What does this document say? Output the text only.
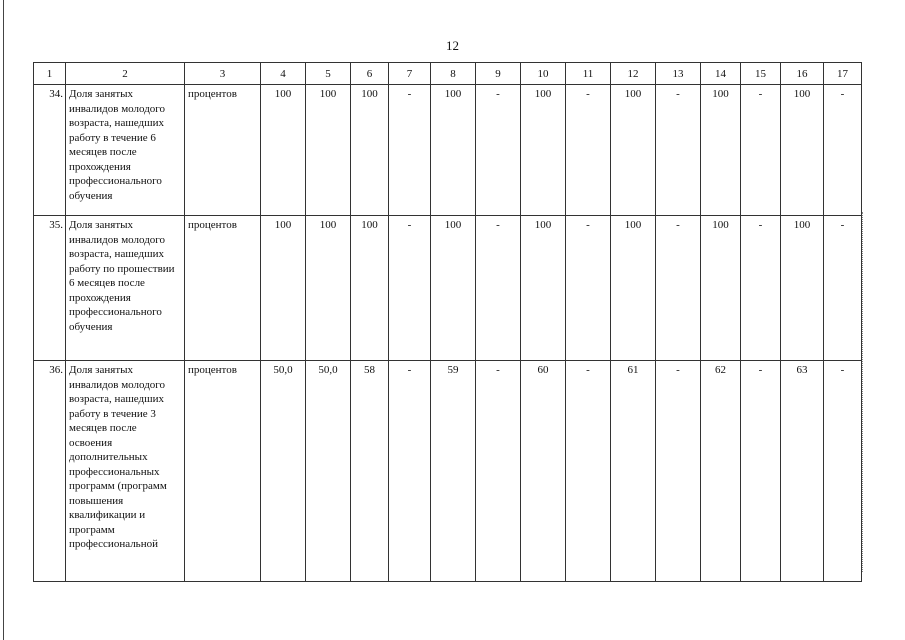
12
1	2	3	4	5	6	7	8	9	10	11	12	13	14	15	16	17
34.	Доля занятых инвалидов молодого возраста, нашедших работу в течение 6 месяцев после прохождения профессионального обучения	процентов	100	100	100	-	100	-	100	-	100	-	100	-	100	-
35.	Доля занятых инвалидов молодого возраста, нашедших работу по прошествии 6 месяцев после прохождения профессионального обучения	процентов	100	100	100	-	100	-	100	-	100	-	100	-	100	-
36.	Доля занятых инвалидов молодого возраста, нашедших работу в течение 3 месяцев после освоения дополнительных профессиональных программ (программ повышения квалификации и программ профессиональной	процентов	50,0	50,0	58	-	59	-	60	-	61	-	62	-	63	-
